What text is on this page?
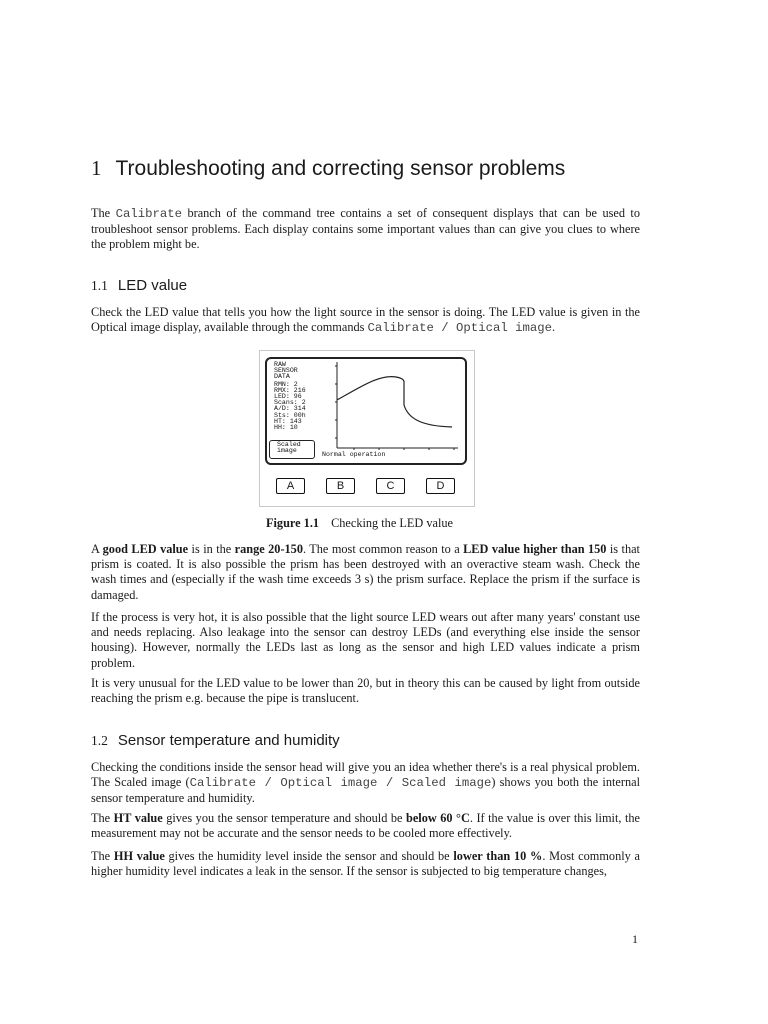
1 Troubleshooting and correcting sensor problems

The Calibrate branch of the command tree contains a set of consequent displays that can be used to troubleshoot sensor problems. Each display contains some important values than can give you clues to where the problem might be.

1.1 LED value

Check the LED value that tells you how the light source in the sensor is doing. The LED value is given in the Optical image display, available through the commands Calibrate / Optical image.

RAW
SENSOR
DATA

RMN: 2
RMX: 216
LED: 96
Scans: 2
A/D: 314
Sts: 00h
HT: 143
HH: 10
Scaled
image
Normal operation
A	B	C	D
Figure 1.1 Checking the LED value

A good LED value is in the range 20-150. The most common reason to a LED value higher than 150 is that prism is coated. It is also possible the prism has been destroyed with an overactive steam wash. Check the wash times and (especially if the wash time exceeds 3 s) the prism surface. Replace the prism if the surface is damaged.

If the process is very hot, it is also possible that the light source LED wears out after many years' constant use and needs replacing. Also leakage into the sensor can destroy LEDs (and everything else inside the sensor housing). However, normally the LEDs last as long as the sensor and high LED values indicate a prism problem.

It is very unusual for the LED value to be lower than 20, but in theory this can be caused by light from outside reaching the prism e.g. because the pipe is translucent.

1.2 Sensor temperature and humidity

Checking the conditions inside the sensor head will give you an idea whether there's is a real physical problem. The Scaled image (Calibrate / Optical image / Scaled image) shows you both the internal sensor temperature and humidity.

The HT value gives you the sensor temperature and should be below 60 °C. If the value is over this limit, the measurement may not be accurate and the sensor needs to be cooled more effectively.

The HH value gives the humidity level inside the sensor and should be lower than 10 %. Most commonly a higher humidity level indicates a leak in the sensor. If the sensor is subjected to big temperature changes,

1
